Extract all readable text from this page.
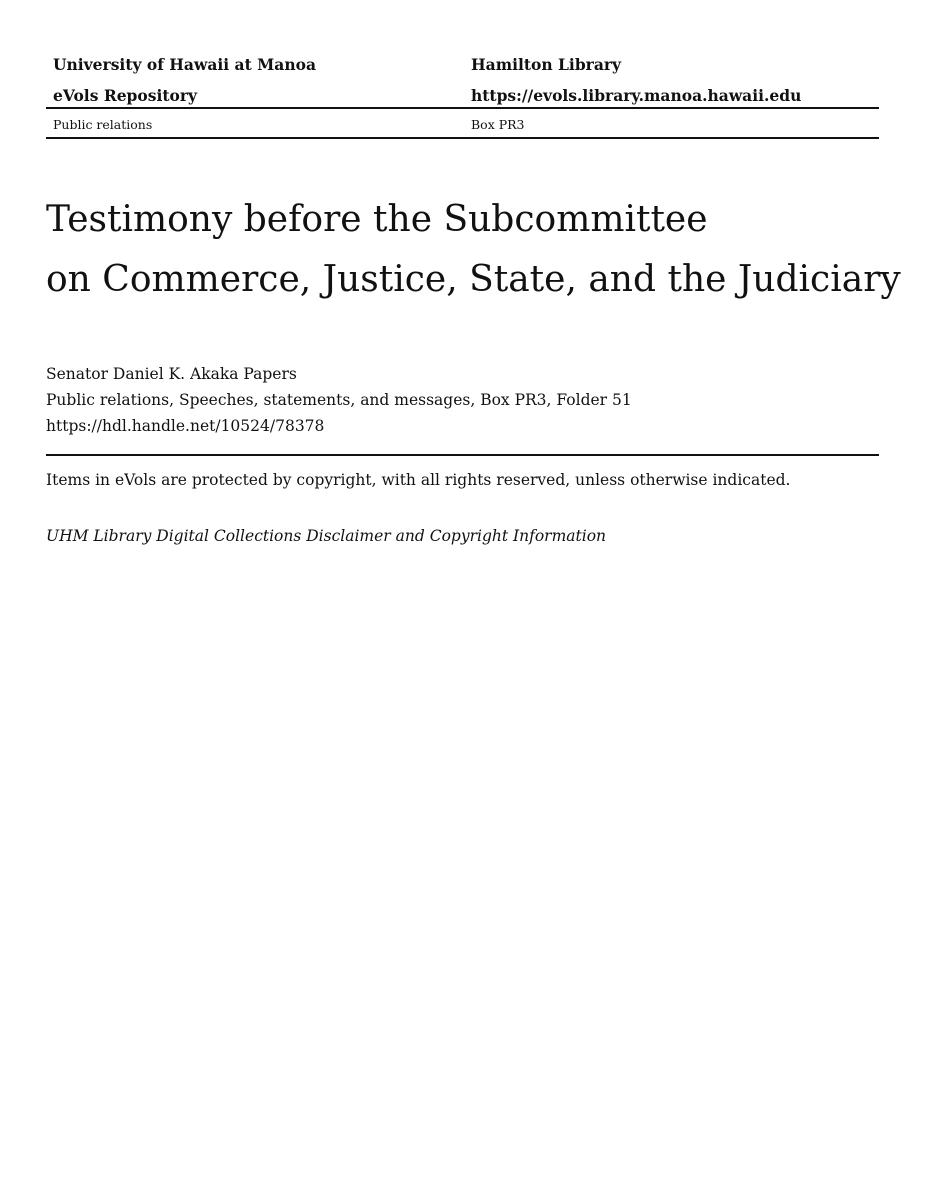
University of Hawaii at Manoa	Hamilton Library
eVols Repository	https://evols.library.manoa.hawaii.edu
Public relations	Box PR3
Testimony before the Subcommittee
on Commerce, Justice, State, and the Judiciary
Senator Daniel K. Akaka Papers
Public relations, Speeches, statements, and messages, Box PR3, Folder 51
https://hdl.handle.net/10524/78378
Items in eVols are protected by copyright, with all rights reserved, unless otherwise indicated.
UHM Library Digital Collections Disclaimer and Copyright Information
